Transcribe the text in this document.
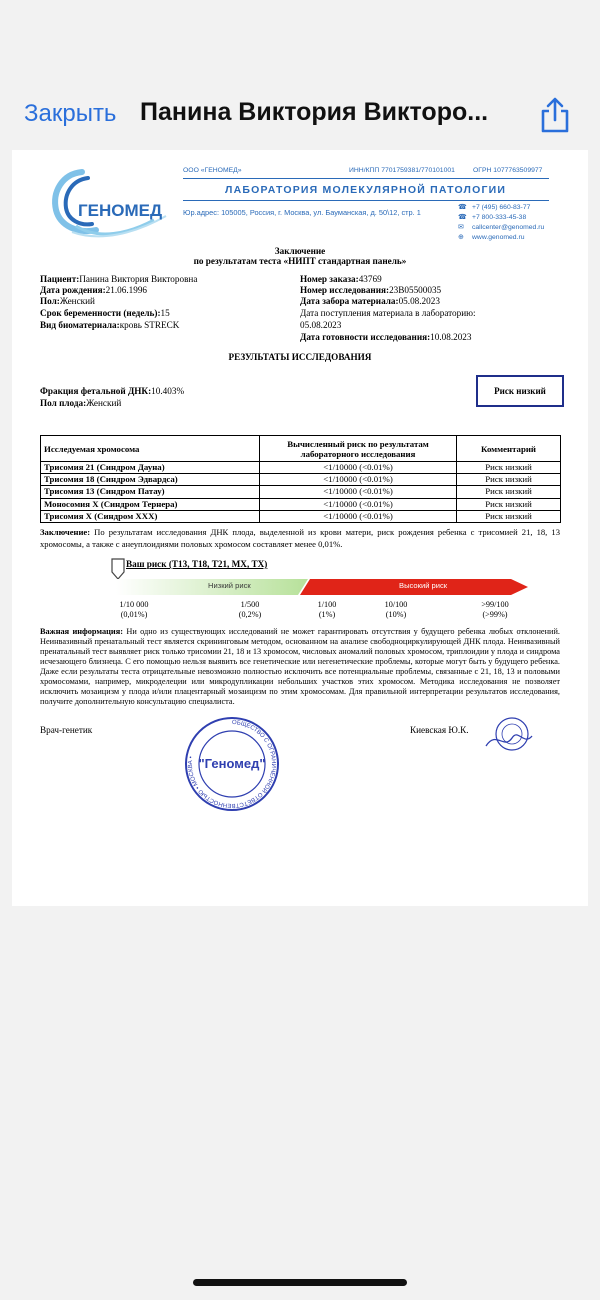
Закрыть Панина Виктория Викторо...
ГЕНОМЕД
ООО «ГЕНОМЕД»	ИНН/КПП 7701759381/770101001	ОГРН 1077763509977
ЛАБОРАТОРИЯ МОЛЕКУЛЯРНОЙ ПАТОЛОГИИ
Юр.адрес: 105005, Россия, г. Москва, ул. Бауманская, д. 50\12, стр. 1
☎ +7 (495) 660-83-77
☎ +7 800-333-45-38
✉ callcenter@genomed.ru
⊕ www.genomed.ru
Заключение
по результатам теста «НИПТ стандартная панель»
Пациент:Панина Виктория Викторовна
Дата рождения:21.06.1996
Пол:Женский
Срок беременности (недель):15
Вид биоматериала:кровь STRECK
Номер заказа:43769
Номер исследования:23B05500035
Дата забора материала:05.08.2023
Дата поступления материала в лабораторию:
05.08.2023
Дата готовности исследования:10.08.2023
РЕЗУЛЬТАТЫ ИССЛЕДОВАНИЯ
Фракция фетальной ДНК:10.403%
Пол плода:Женский
Риск низкий
Исследуемая хромосома	Вычисленный риск по результатам лабораторного исследования	Комментарий
Трисомия 21 (Синдром Дауна)	<1/10000 (<0.01%)	Риск низкий
Трисомия 18 (Синдром Эдвардса)	<1/10000 (<0.01%)	Риск низкий
Трисомия 13 (Синдром Патау)	<1/10000 (<0.01%)	Риск низкий
Моносомия X (Синдром Тернера)	<1/10000 (<0.01%)	Риск низкий
Трисомия X (Синдром XXX)	<1/10000 (<0.01%)	Риск низкий
Заключение: По результатам исследования ДНК плода, выделенной из крови матери, риск рождения ребенка с трисомией 21, 18, 13 хромосомы, а также с анеуплоидиями половых хромосом составляет менее 0,01%.
Ваш риск (Т13, Т18, Т21, МХ, ТХ)
Низкий риск	Высокий риск
1/10 000
(0,01%)
1/500
(0,2%)
1/100
(1%)
10/100
(10%)
>99/100
(>99%)
Важная информация: Ни одно из существующих исследований не может гарантировать отсутствия у будущего ребенка любых отклонений. Неинвазивный пренатальный тест является скрининговым методом, основанном на анализе свободноциркулирующей ДНК плода. Неинвазивный пренатальный тест выявляет риск только трисомии 21, 18 и 13 хромосом, числовых аномалий половых хромосом, триплоидии у плода и синдрома исчезающего близнеца. С его помощью нельзя выявить все генетические или негенетические проблемы, которые могут быть у будущего ребенка. Даже если результаты теста отрицательные невозможно полностью исключить все потенциальные проблемы, связанные с 21, 18, 13 и половыми хромосомами, например, микроделеции или микродупликации небольших участков этих хромосом. Методика исследования не позволяет исключить мозаицизм у плода и/или плацентарный мозаицизм по этим хромосомам. Для правильной интерпретации результатов исследования, получите дополнительную консультацию специалиста.
Врач-генетик	Киевская Ю.К.
ОБЩЕСТВО С ОГРАНИЧЕННОЙ ОТВЕТСТВЕННОСТЬЮ • МОСКВА • "Геномед"
